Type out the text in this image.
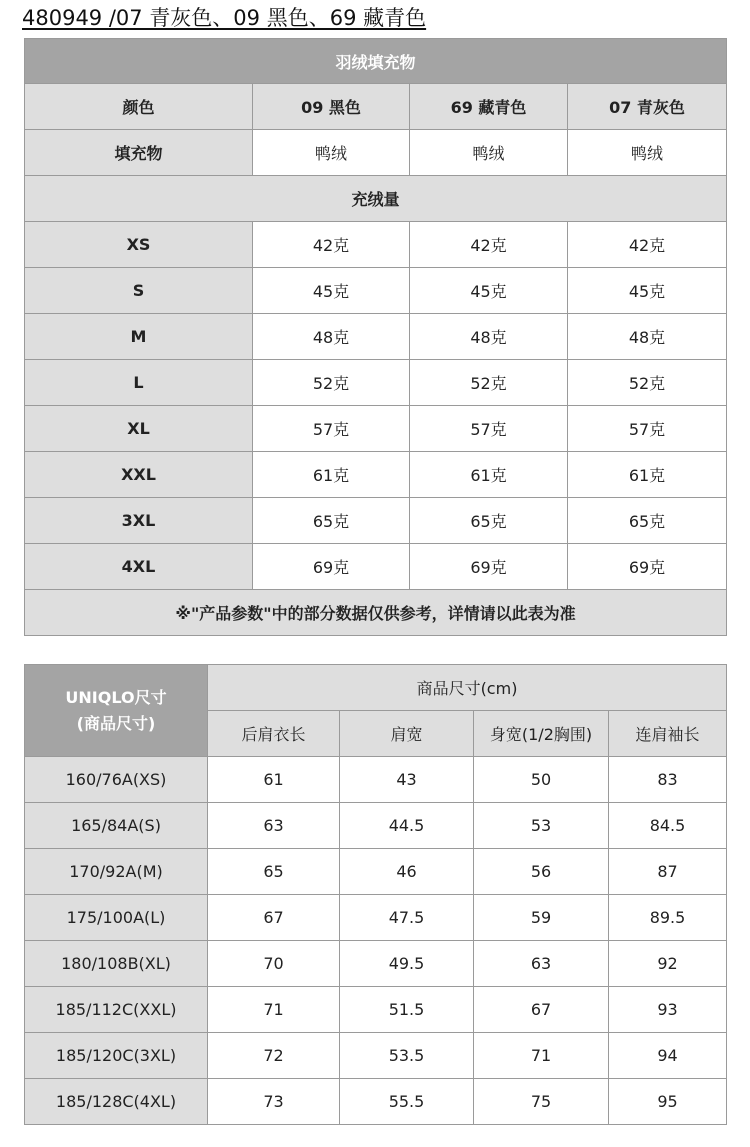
480949 /07 青灰色、09 黑色、69 藏青色
羽绒填充物			
颜色	09 黑色	69 藏青色	07 青灰色
填充物	鸭绒	鸭绒	鸭绒
充绒量			
XS	42克	42克	42克
S	45克	45克	45克
M	48克	48克	48克
L	52克	52克	52克
XL	57克	57克	57克
XXL	61克	61克	61克
3XL	65克	65克	65克
4XL	69克	69克	69克
※"产品参数"中的部分数据仅供参考，详情请以此表为准			
UNIQLO尺寸
(商品尺寸)	商品尺寸(cm)			
	后肩衣长	肩宽	身宽(1/2胸围)	连肩袖长
160/76A(XS)	61	43	50	83
165/84A(S)	63	44.5	53	84.5
170/92A(M)	65	46	56	87
175/100A(L)	67	47.5	59	89.5
180/108B(XL)	70	49.5	63	92
185/112C(XXL)	71	51.5	67	93
185/120C(3XL)	72	53.5	71	94
185/128C(4XL)	73	55.5	75	95
